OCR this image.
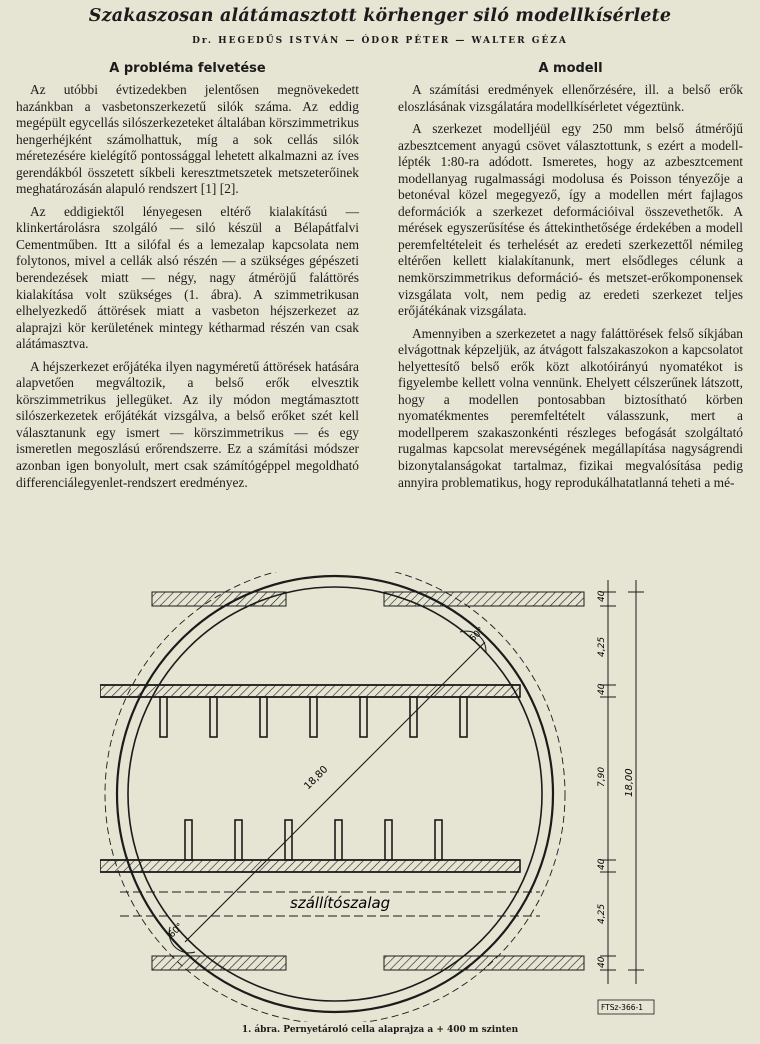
Szakaszosan alátámasztott körhenger siló modellkísérlete
Dr. HEGEDŰS ISTVÁN — ÓDOR PÉTER — WALTER GÉZA
A probléma felvetése

Az utóbbi évtizedekben jelentősen megnövekedett hazánkban a vasbetonszerkezetű silók száma. Az eddig megépült egycellás silószerkezeteket általában körszimmetrikus hengerhéjként számolhattuk, míg a sok cellás silók méretezésére kielégítő pontossággal lehetett alkalmazni az íves gerendákból összetett síkbeli keresztmetszetek metszeterőinek meghatározásán alapuló rendszert [1] [2].

Az eddigiektől lényegesen eltérő kialakítású — klinkertárolásra szolgáló — siló készül a Bélapátfalvi Cementműben. Itt a silófal és a lemezalap kapcsolata nem folytonos, mivel a cellák alsó részén — a szükséges gépészeti berendezések miatt — négy, nagy átméröjű faláttörés kialakítása volt szükséges (1. ábra). A szimmetrikusan elhelyezkedő áttörések miatt a vasbeton héjszerkezet az alaprajzi kör kerületének mintegy kétharmad részén van csak alátámasztva.

A héjszerkezet erőjátéka ilyen nagyméretű áttörések hatására alapvetően megváltozik, a belső erők elvesztik körszimmetrikus jellegüket. Az ily módon megtámasztott silószerkezetek erőjátékát vizsgálva, a belső erőket szét kell választanunk egy ismert — körszimmetrikus — és egy ismeretlen megoszlású erőrendszerre. Ez a számítási módszer azonban igen bonyolult, mert csak számítógéppel megoldható differenciálegyenlet-rendszert eredményez.

A modell

A számítási eredmények ellenőrzésére, ill. a belső erők eloszlásának vizsgálatára modellkísérletet végeztünk.

A szerkezet modelljéül egy 250 mm belső átmérőjű azbesztcement anyagú csövet választottunk, s ezért a modell-lépték 1:80-ra adódott. Ismeretes, hogy az azbesztcement modellanyag rugalmassági modolusa és Poisson tényezője a betonéval közel megegyező, így a modellen mért fajlagos deformációk a szerkezet deformációival összevethetők. A mérések egyszerűsítése és áttekinthetősége érdekében a modell peremfeltételeit és terhelését az eredeti szerkezettől némileg eltérően kellett kialakítanunk, mert elsődleges célunk a nemkörszimmetrikus deformáció- és metszet-erőkomponensek vizsgálata volt, nem pedig az eredeti szerkezet teljes erőjátékának vizsgálata.

Amennyiben a szerkezetet a nagy faláttörések felső síkjában elvágottnak képzeljük, az átvágott falszakaszokon a kapcsolatot helyettesítő belső erők közt alkotóirányú nyomatékot is figyelembe kellett volna vennünk. Ehelyett célszerűnek látszott, hogy a modellen pontosabban biztosítható körben nyomatékmentes peremfeltételt válasszunk, mert a modellperem szakaszonkénti részleges befogását szolgáltató rugalmas kapcsolat merevségének megállapítása nagyságrendi bizonytalanságokat tartalmaz, fizikai megvalósítása pedig annyira problematikus, hogy reprodukálhatatlanná teheti a mé-

szállítószalag
18,80
60°
60°
40
4,25
40
7,90
40
4,25
40
18,00
FTSz-366-1
1. ábra. Pernyetároló cella alaprajza a + 400 m szinten
